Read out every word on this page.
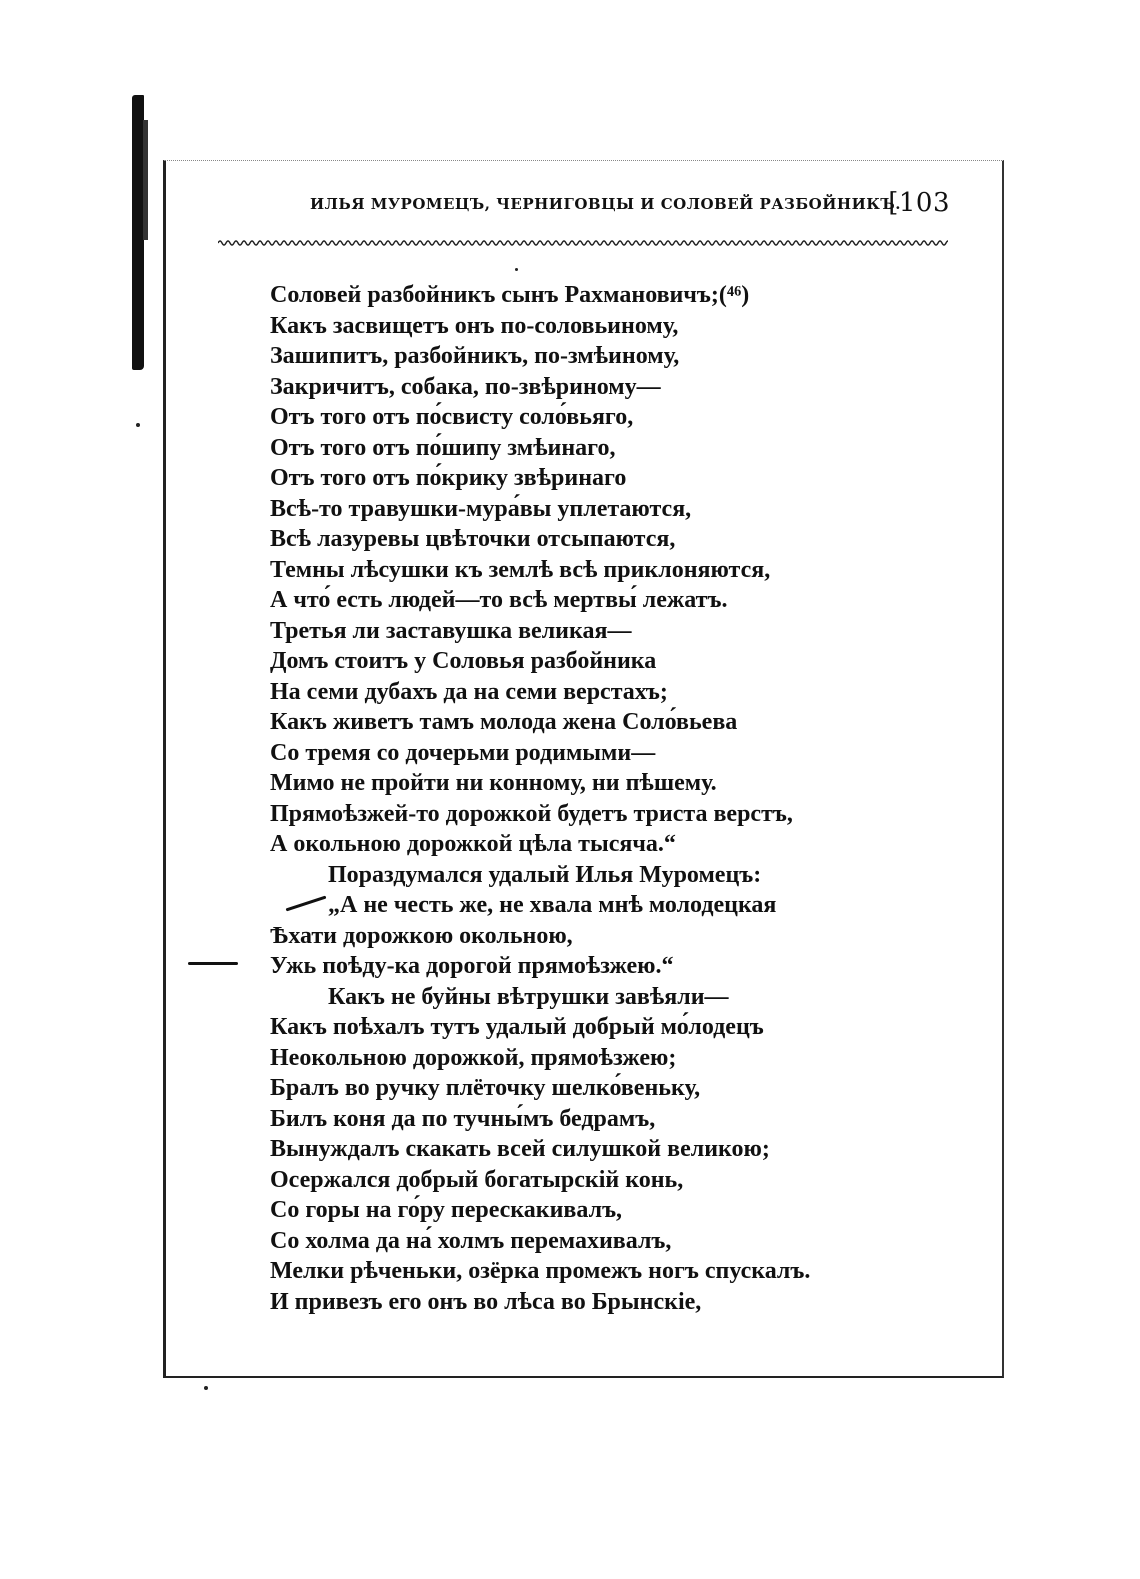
ИЛЬЯ МУРОМЕЦЪ, ЧЕРНИГОВЦЫ И СОЛОВЕЙ РАЗБОЙНИКЪ.
[103
Соловей разбойникъ сынъ Рахмановичъ;(⁴⁶)
Какъ засвищетъ онъ по-соловьиному,
Зашипитъ, разбойникъ, по-змѣиному,
Закричитъ, собака, по-звѣриному—
Отъ того отъ по́свисту соло́вьяго,
Отъ того отъ по́шипу змѣинаго,
Отъ того отъ по́крику звѣринаго
Всѣ-то травушки-мура́вы уплетаются,
Всѣ лазуревы цвѣточки отсыпаются,
Темны лѣсушки къ землѣ всѣ приклоняются,
А что́ есть людей—то всѣ мертвы́ лежатъ.
Третья ли заставушка великая—
Домъ стоитъ у Соловья разбойника
На семи дубахъ да на семи верстахъ;
Какъ живетъ тамъ молода жена Соло́вьева
Со тремя со дочерьми родимыми—
Мимо не пройти ни конному, ни пѣшему.
Прямоѣзжей-то дорожкой будетъ триста верстъ,
А окольною дорожкой цѣла тысяча.“
Пораздумался удалый Илья Муромецъ:
„А не честь же, не хвала мнѣ молодецкая
Ѣхати дорожкою окольною,
Ужь поѣду-ка дорогой прямоѣзжею.“
Какъ не буйны вѣтрушки завѣяли—
Какъ поѣхалъ тутъ удалый добрый мо́лодецъ
Неокольною дорожкой, прямоѣзжею;
Бралъ во ручку плёточку шелко́веньку,
Билъ коня да по тучны́мъ бедрамъ,
Вынуждалъ скакать всей силушкой великою;
Осержался добрый богатырскій конь,
Со горы на го́ру перескакивалъ,
Со холма да на́ холмъ перемахивалъ,
Мелки рѣченьки, озёрка промежъ ногъ спускалъ.
И привезъ его онъ во лѣса во Брынскіе,
